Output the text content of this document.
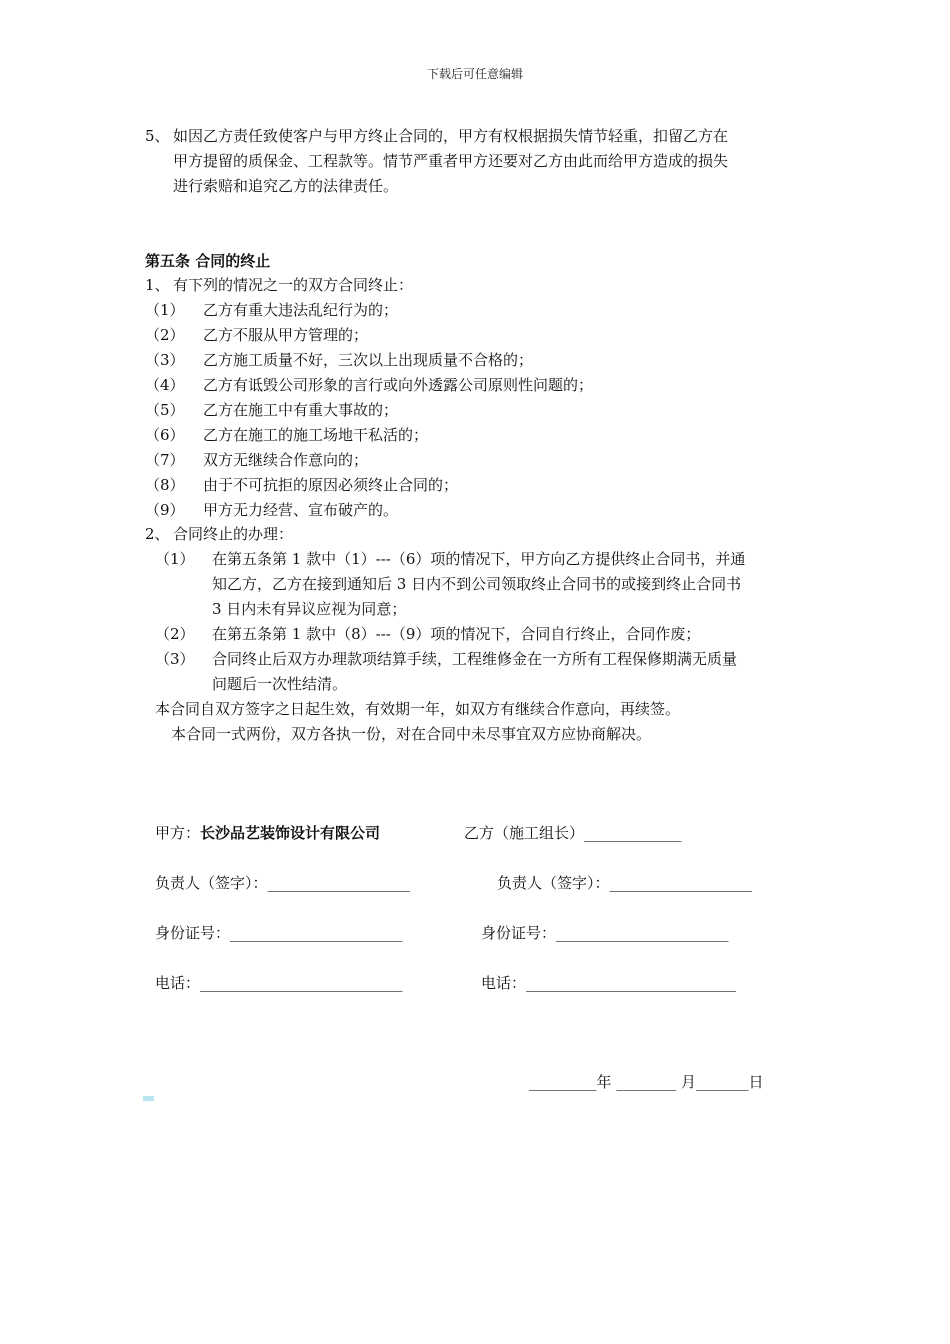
下载后可任意编辑
5、 如因乙方责任致使客户与甲方终止合同的，甲方有权根据损失情节轻重，扣留乙方在
甲方提留的质保金、工程款等。情节严重者甲方还要对乙方由此而给甲方造成的损失
进行索赔和追究乙方的法律责任。
第五条 合同的终止
1、 有下列的情况之一的双方合同终止：
（1） 乙方有重大违法乱纪行为的；
（2） 乙方不服从甲方管理的；
（3） 乙方施工质量不好，三次以上出现质量不合格的；
（4） 乙方有诋毁公司形象的言行或向外透露公司原则性问题的；
（5） 乙方在施工中有重大事故的；
（6） 乙方在施工的施工场地干私活的；
（7） 双方无继续合作意向的；
（8） 由于不可抗拒的原因必须终止合同的；
（9） 甲方无力经营、宣布破产的。
2、 合同终止的办理：
（1） 在第五条第 1 款中（1）---（6）项的情况下，甲方向乙方提供终止合同书，并通
知乙方，乙方在接到通知后 3 日内不到公司领取终止合同书的或接到终止合同书
3 日内未有异议应视为同意；
（2） 在第五条第 1 款中（8）---（9）项的情况下，合同自行终止，合同作废；
（3） 合同终止后双方办理款项结算手续，工程维修金在一方所有工程保修期满无质量
问题后一次性结清。
本合同自双方签字之日起生效，有效期一年，如双方有继续合作意向，再续签。
本合同一式两份，双方各执一份，对在合同中未尽事宜双方应协商解决。
甲方：长沙品艺装饰设计有限公司	乙方（施工组长）_____________
负责人（签字）：___________________	负责人（签字）：___________________
身份证号：_______________________	身份证号：_______________________
电话：___________________________	电话：____________________________
_________年 ________ 月_______日
